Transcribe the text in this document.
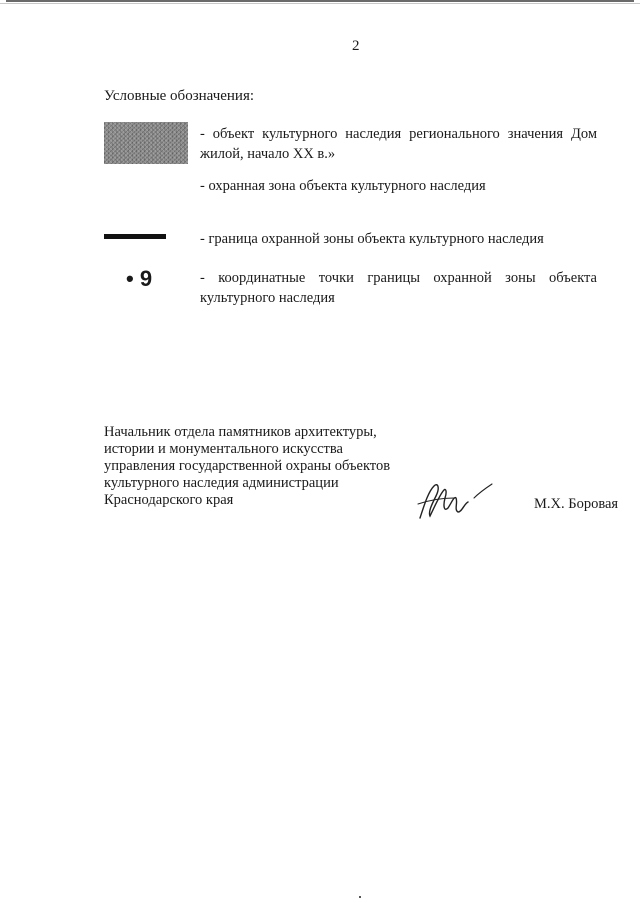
2
Условные обозначения:
- объект культурного наследия регионального значения Дом жилой, начало XX в.»
- охранная зона объекта культурного наследия
- граница охранной зоны объекта культурного наследия
• 9	- координатные точки границы охранной зоны объекта культурного наследия
Начальник отдела памятников архитектуры,
истории и монументального искусства
управления государственной охраны объектов
культурного наследия администрации
Краснодарского края	М.Х. Боровая
